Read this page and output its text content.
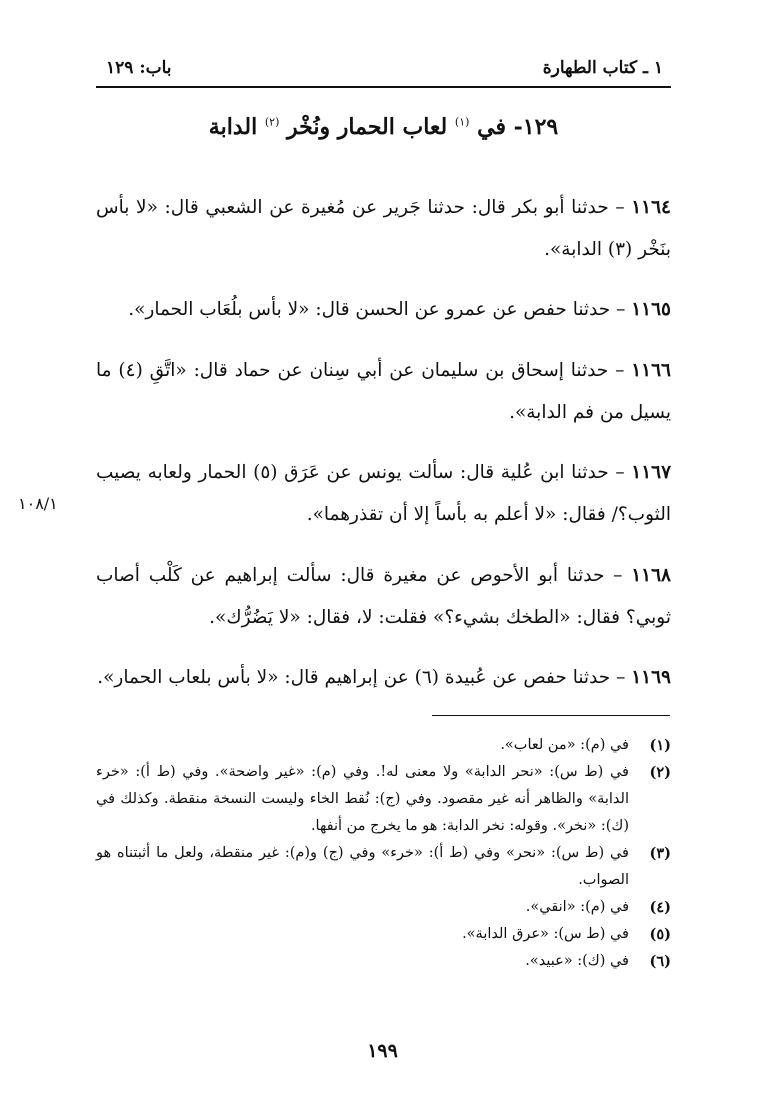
١ ـ كتاب الطهارة
باب: ١٢٩
١٢٩- في $^{(١)}$ لعاب الحمار ونُخْر $^{(٢)}$ الدابة

١١٦٤ – حدثنا أبو بكر قال: حدثنا جَرير عن مُغيرة عن الشعبي قال: «لا بأس بنَخْر (٣) الدابة».

١١٦٥ – حدثنا حفص عن عمرو عن الحسن قال: «لا بأس بلُعَاب الحمار».

١١٦٦ – حدثنا إسحاق بن سليمان عن أبي سِنان عن حماد قال: «اتَّقِ (٤) ما يسيل من فم الدابة».

١١٦٧ – حدثنا ابن عُلية قال: سألت يونس عن عَرَق (٥) الحمار ولعابه يصيب الثوب؟/ فقال: «لا أعلم به بأساً إلا أن تقذرهما».

١١٦٨ – حدثنا أبو الأحوص عن مغيرة قال: سألت إبراهيم عن كَلْب أصاب ثوبي؟ فقال: «الطخك بشيء؟» فقلت: لا، فقال: «لا يَضُرُّك».

١١٦٩ – حدثنا حفص عن عُبيدة (٦) عن إبراهيم قال: «لا بأس بلعاب الحمار».

١٠٨/١
(١)
في (م): «من لعاب».
(٢)
في (ط س): «نحر الدابة» ولا معنى له!. وفي (م): «غير واضحة». وفي (ط أ): «خرء الدابة» والظاهر أنه غير مقصود. وفي (ج): نُقط الخاء وليست النسخة منقطة. وكذلك في (ك): «نخر». وقوله: نخر الدابة: هو ما يخرج من أنفها.
(٣)
في (ط س): «نحر» وفي (ط أ): «خرء» وفي (ج) و(م): غير منقطة، ولعل ما أثبتناه هو الصواب.
(٤)
في (م): «انقي».
(٥)
في (ط س): «عرق الدابة».
(٦)
في (ك): «عبيد».
١٩٩
